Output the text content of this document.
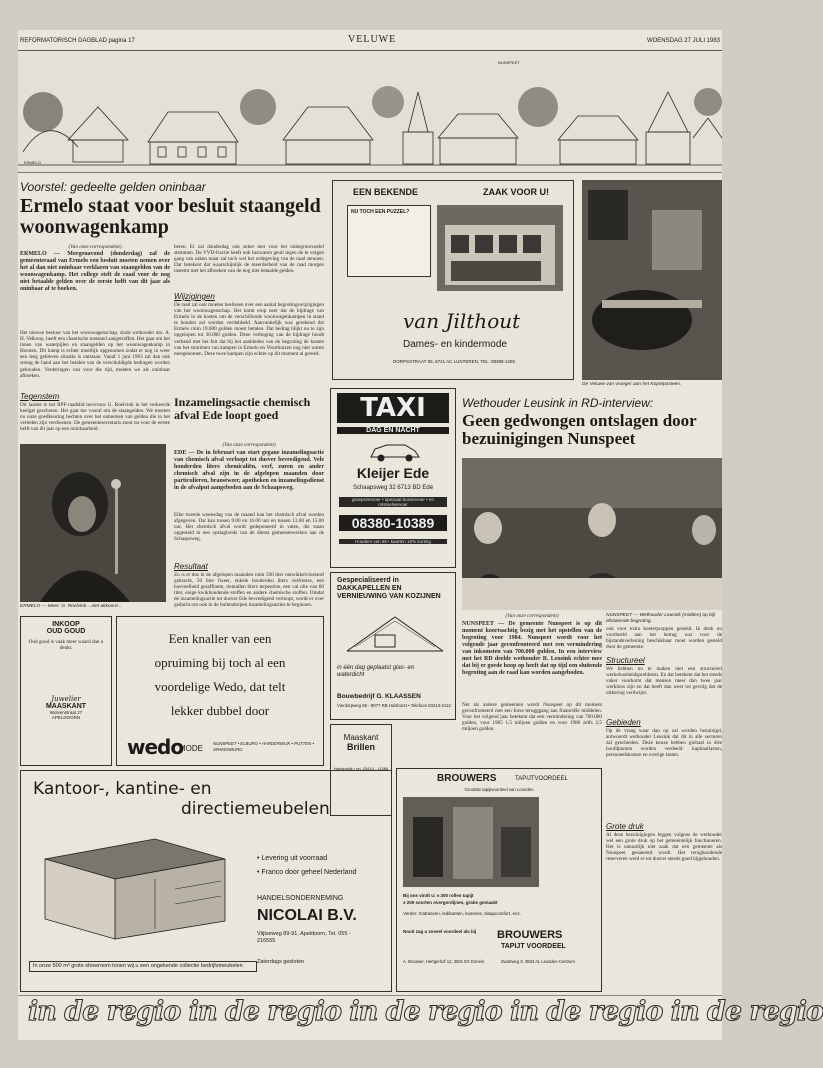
REFORMATORISCH DAGBLAD pagina 17	VELUWE	WOENSDAG 27 JULI 1983
ERMELO
NUNSPEET
Voorstel: gedeelte gelden oninbaar
Ermelo staat voor besluit staangeld woonwagenkamp
(Van onze correspondent)
ERMELO — Morgenavond (donderdag) zal de gemeenteraad van Ermelo een besluit moeten nemen over het al dan niet oninbaar verklaren van staangelden van de woonwagenkamp. Het college stelt de raad voor de nog niet betaalde gelden over de eerste helft van dit jaar als oninbaar af te boeken.
Het nieuwe bestuur van het woonwagenschap, sinds wethouder drs. A. H. Velkoop, heeft een chaotische toestand aangetroffen. Het gaat om het innen van waterpijlen en staangelden op het woonwagenkamp in Horsten. Dit kamp is echter moeilijk opgenomen zodat er nog in weer een leeg gebleven situatie is ontstaan. Vanaf 1 juni 1983 zal dan ook streng de hand aan het betalen van de verschuldigde bedragen worden gehouden. Verderingen van voor die tijd, moeten we als oninbaar afboeken.
Tegenstem
Dit laatste is het RPF-raadslid mevrouw G. Roelvink in het verkeerde keelgat geschoten. Het gaat me vooral om de staangelden. We moeten nu onze goedkeuring hechten over het ontnemen van gelden die in het verleden zijn verdwenen. De gemeentesecretaris stoot nu voor de eerste helft van dit jaar op een oninbaarheid.
beren. Er zal donderdag ook zeker met voor het onbegrootvoelel stemmen. De VVD-fractie heeft ook bezwaren geuit tegen de te volgen gang van zaken maar zal toch wel het ordegeving van de raad steunen. Dat betekent dat waarschijnlijk de meerderheid van de raad morgen instemt met het afboeken van de nog niet betaalde gelden.
Wijzigingen
De raad zal ook moeten beslissen over een aantal begrotingswijzigingen van het woonwagenschap. Het komt erop neer dat de bijdrage van Ermelo in de kosten om de verschillende woonwagenkampen in stand te houden zal worden verdubbeld. Aanvankelijk was gerekend dat Ermelo ruim 19.000 gulden moest betalen. Dat bedrag blijkt nu te zijn opgelopen tot 30.000 gulden. Deze verhoging van de bijdrage houdt verband met het feit dat bij het aanbieden van de begroting de kosten van het stratimen van kampen in Ermelo en Voorthuizen nog niet waren meegenomen. Deze twee kampen zijn echter op dit moment al gereed.
ERMELO — Meer: G. Roelvink ...niet akkoord...
EEN BEKENDE	ZAAK VOOR U!
NU TOCH EEN PUZZEL?
van Jilthout
Dames- en kindermode
DORPSSTRAAT 85, 6741 AC LUNTEREN, TEL. 08388-1265
De Veluwe van vroeger aan het Kopetposteen.
Inzamelingsactie chemisch afval Ede loopt goed
(Van onze correspondent)
EDE — De in februari van start gegane inzamelingsactie van chemisch afval verloopt tot dusver bevredigend. Vele honderden liters chemicaliën, verf, zuren en ander chemisch afval zijn in de afgelopen maanden door particulieren, branstweer, apotheken en inzamelingsdienst in de afvalput aangeboden aan de Schaapsweg.
Elke tweede woensdag van de maand kan het chemisch afval worden afgegeven. Dat kan tussen 9.00 en 16.00 uur en tussen 13.00 en 15.00 uur. Het chemisch afval wordt gedeponeerd in vaten, die staan opgesteld in een opslagloods van de dienst gemeentewerken aan de Schaapsweg.
Resultaat
Zo is er dus in de afgelopen maanden ruim 500 liter ontwikkelvloeistof gebracht, 50 liter fixeer, enkele honderden liters verfrestes, een hoeveelheid geraffinem, tientallen liters terpentine, een val olie van 60 liter, enige kwikhoudende stoffen en andere chemische stoffen. Omdat de inzamelingsactie tot dusver Ede bevredigend verloopt, wordt er over gedacht om ook in de buitendorpen inzamelingsacties te beginnen.
TAXI
DAG EN NACHT
Kleijer Ede
Schaapsweg 32 6713 BD Ede
groepsvervoer • speciaal busvervoer • en rolstoelvervoer
08380-10389
Houders van 65+ kaarten 10% korting
Gespecialiseerd in DAKKAPELLEN EN VERNIEUWING VAN KOZIJNEN
in één dag geplaatst glas- en waterdicht
Bouwbedrijf G. KLAASSEN
Vierdorpweg 65 - 8077 RB Hulshorst • Telefoon 03413-2112
Wethouder Leusink in RD-interview:
Geen gedwongen ontslagen door bezuinigingen Nunspeet
(Van onze correspondent)
NUNSPEET — De gemeente Nunspeet is op dit moment koortsachtig bezig met het opstellen van de begroting voor 1984. Nunspeet wordt voor het volgende jaar geconfronteerd met een vermindering van inkomsten van 700.000 gulden. In een interview met het RD deelde wethouder R. Leusink echter mee dat bij er goede hoop op heeft dat op tijd een sluitende begroting aan de raad kan worden aangeboden.
Net als andere gemeenten wordt Nunspeet op dit moment geconfronteerd met een forse terugggang aan financiële middelen. Voor het volgend jaar betekent dat een vermindering van 700.000 gulden, voor 1985 1,5 miljoen gulden en voor 1986 zelfs 2,5 miljoen gulden.
NUNSPEET — Wethouder Leusink (midden) op bijl afsluitende begroting.
ook voor extra koeterproppen gesteld. Ik denk nu voorbeeld aan het betrag wat voor de bijstandsverlening beschikbaar moet worden gesteld door de gemeente.
Structureel
We hebben nu te maken met een structureel werkeloosheidsprobleem. En dat betekent dat het steeds vaker voorkomt dat mensen meer dan twee jaar werkloos zijn en dat heeft dan weer tot gevolg dat de uitkering verdwijnt.
Gebieden
Op de vraag waar dan op zal worden bezuinigd, antwoordt wethouder Leusink dat dit in alle sectoren zal geschieden. Deze keuze hebben globaal in drie hoofdpunten worden verdeeld: kapitaallasten, personeelskosten en overige lasten.
Grote druk
Al deze bezuinigingen leggen volgens de wethouder wel een grote druk op het gemeentelijk functioneren. Het is natuurlijk niet zaak dat een gemeente als Nunspeet gesaneerd wordt. Het terughoudende reserveren werd er tot dusver steeds goed bijgehouden.
INKOOP
OUD GOUD
Oud goud is vaak meer waard dan u denkt.
Juwelier
MAASKANT
Wolvenstraat 27
APELDOORN
Een knaller van een
opruiming bij toch al een
voordelige Wedo, dat telt
lekker dubbel door
wedo
MODE
NUNSPEET • ELBURG • HARDERWIJK • PUTTEN • SPAKENBURG
Maaskant
Brillen
Harderwijk • tel. 03410 - 11386
BROUWERS	TAPIJTVOORDEEL
Grootste tapijtvoordeel van Leusden
Bij ons vindt u: ± 300 rollen tapijt
± 200 soorten overgordijnen, gratis gemaakt
Verder: matrassen, ledikanten, kussens, slaapcomfort, enz.
Nooit zag u zoveel voordeel als bij	BROUWERS
TAPIJT VOORDEEL
A. Brouwer, Hertgerhof 12, 3831 EX Ermelo	Zwartweg 9, 3833 AL Leusden-Centrum
Kantoor-, kantine- en
directiemeubelen
• Levering uit voorraad
• Franco door geheel Nederland
HANDELSONDERNEMING
NICOLAI B.V.
Vlijtseweg 89-91, Apeldoorn, Tel. 055 - 216555
Zaterdags gesloten
In onze 500 m² grote showroom tonen wij u een ongekende collectie bedrijfsmeubelen
in de regio in de regio in de regio in de regio in de regio
